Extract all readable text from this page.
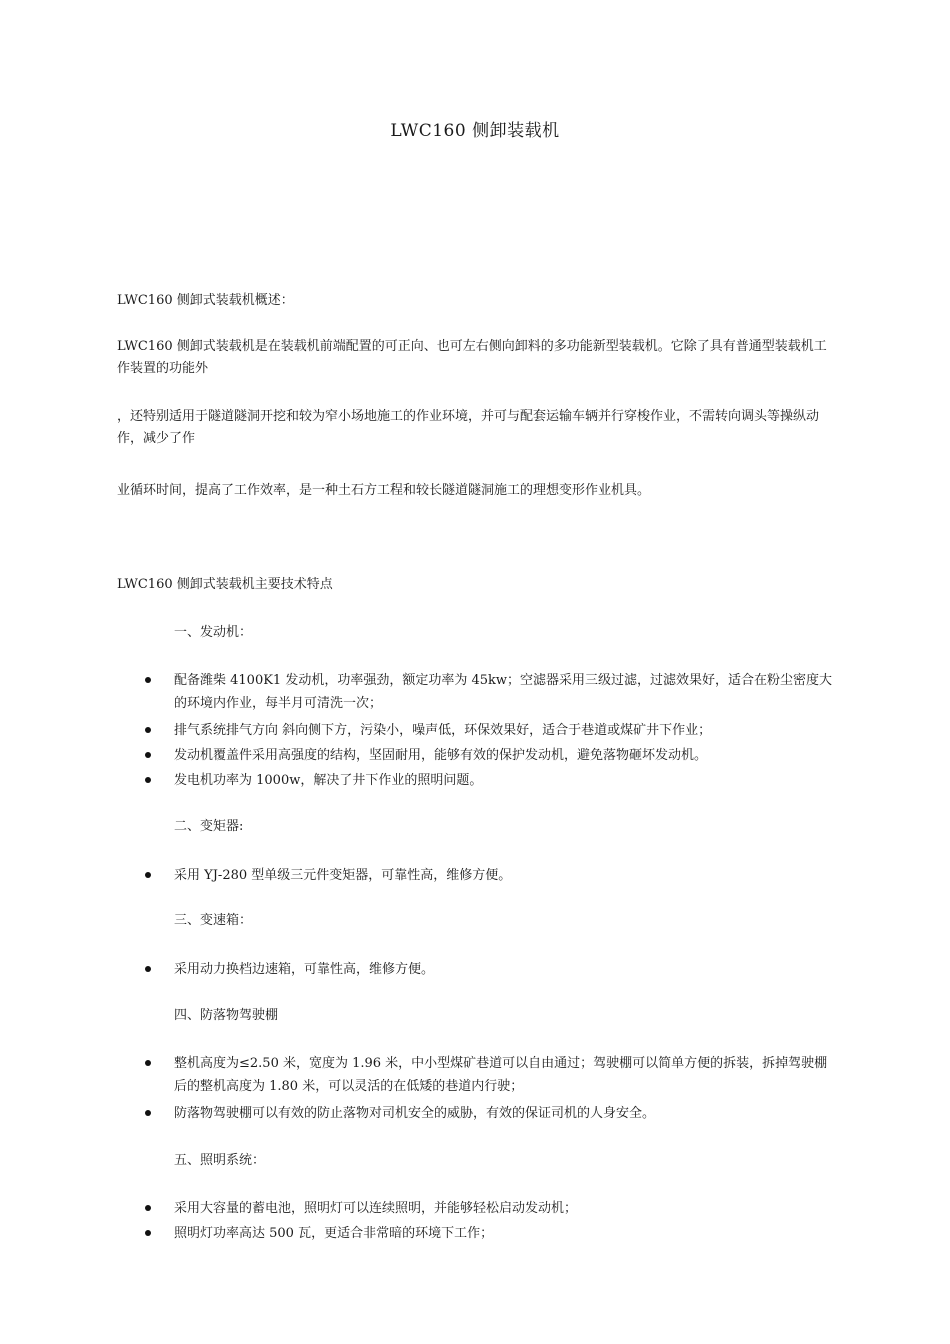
LWC160 侧卸装载机
LWC160 侧卸式装载机概述：
LWC160 侧卸式装载机是在装载机前端配置的可正向、也可左右侧向卸料的多功能新型装载机。它除了具有普通型装载机工作装置的功能外
，还特别适用于隧道隧洞开挖和较为窄小场地施工的作业环境，并可与配套运输车辆并行穿梭作业，不需转向调头等操纵动作，减少了作
业循环时间，提高了工作效率，是一种土石方工程和较长隧道隧洞施工的理想变形作业机具。
LWC160 侧卸式装载机主要技术特点
一、发动机：
配备潍柴 4100K1 发动机，功率强劲，额定功率为 45kw；空滤器采用三级过滤，过滤效果好，适合在粉尘密度大的环境内作业，每半月可清洗一次；
排气系统排气方向 斜向侧下方，污染小，噪声低，环保效果好，适合于巷道或煤矿井下作业；
发动机覆盖件采用高强度的结构，坚固耐用，能够有效的保护发动机，避免落物砸坏发动机。
发电机功率为 1000w，解决了井下作业的照明问题。
二、变矩器:
采用 YJ-280 型单级三元件变矩器，可靠性高，维修方便。
三、变速箱：
采用动力换档边速箱，可靠性高，维修方便。
四、防落物驾驶棚
整机高度为≤2.50 米，宽度为 1.96 米，中小型煤矿巷道可以自由通过；驾驶棚可以简单方便的拆装，拆掉驾驶棚后的整机高度为 1.80 米，可以灵活的在低矮的巷道内行驶；
防落物驾驶棚可以有效的防止落物对司机安全的威胁，有效的保证司机的人身安全。
五、照明系统：
采用大容量的蓄电池，照明灯可以连续照明，并能够轻松启动发动机；
照明灯功率高达 500 瓦，更适合非常暗的环境下工作；
